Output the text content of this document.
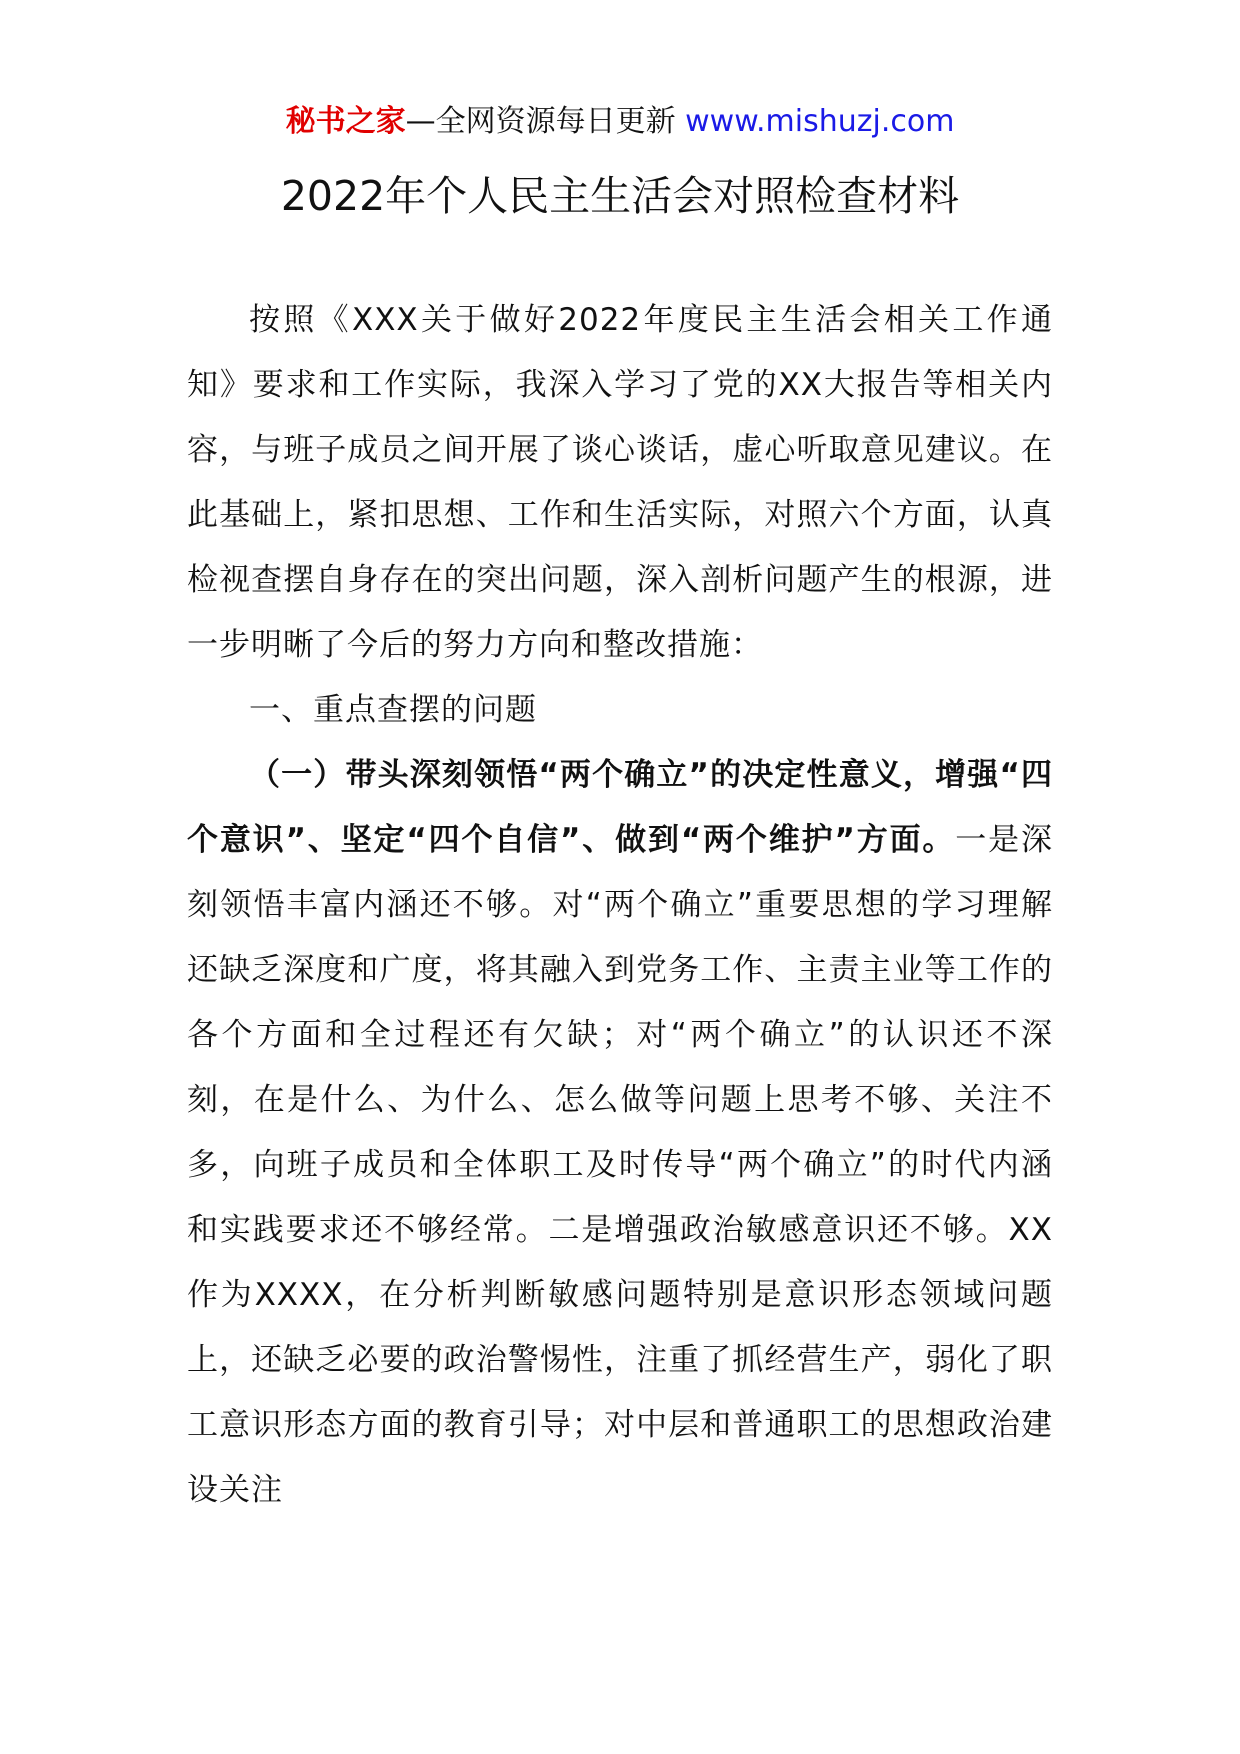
秘书之家—全网资源每日更新 www.mishuzj.com
2022年个人民主生活会对照检查材料

按照《XXX关于做好2022年度民主生活会相关工作通知》要求和工作实际，我深入学习了党的XX大报告等相关内容，与班子成员之间开展了谈心谈话，虚心听取意见建议。在此基础上，紧扣思想、工作和生活实际，对照六个方面，认真检视查摆自身存在的突出问题，深入剖析问题产生的根源，进一步明晰了今后的努力方向和整改措施：

一、重点查摆的问题

（一）带头深刻领悟“两个确立”的决定性意义，增强“四个意识”、坚定“四个自信”、做到“两个维护”方面。一是深刻领悟丰富内涵还不够。对“两个确立”重要思想的学习理解还缺乏深度和广度，将其融入到党务工作、主责主业等工作的各个方面和全过程还有欠缺；对“两个确立”的认识还不深刻，在是什么、为什么、怎么做等问题上思考不够、关注不多，向班子成员和全体职工及时传导“两个确立”的时代内涵和实践要求还不够经常。二是增强政治敏感意识还不够。XX作为XXXX，在分析判断敏感问题特别是意识形态领域问题上，还缺乏必要的政治警惕性，注重了抓经营生产，弱化了职工意识形态方面的教育引导；对中层和普通职工的思想政治建设关注
